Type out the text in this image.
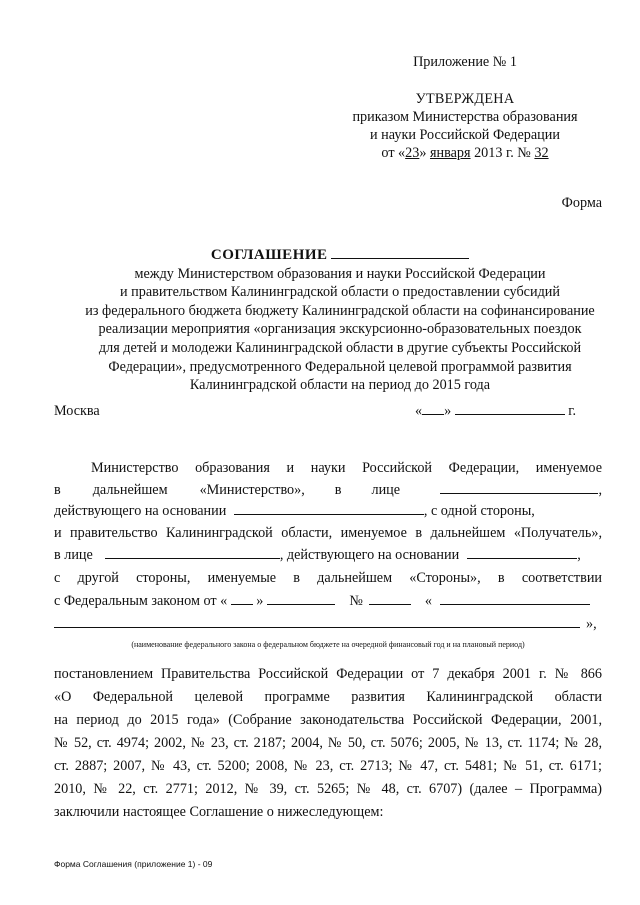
Приложение № 1
УТВЕРЖДЕНА
приказом Министерства образования
и науки Российской Федерации
от «23» января 2013 г. № 32
Форма
СОГЛАШЕНИЕ
между Министерством образования и науки Российской Федерации
и правительством Калининградской области о предоставлении субсидий
из федерального бюджета бюджету Калининградской области на софинансирование
реализации мероприятия «организация экскурсионно-образовательных поездок
для детей и молодежи Калининградской области в другие субъекты Российской
Федерации», предусмотренного Федеральной целевой программой развития
Калининградской области на период до 2015 года
Москва	« »	г.
Министерство образования и науки Российской Федерации, именуемое
в дальнейшем «Министерство», в лице	,
действующего на основании	, с одной стороны,
и правительство Калининградской области, именуемое в дальнейшем «Получатель»,
в лице	, действующего на основании	,
с другой стороны, именуемые в дальнейшем «Стороны», в соответствии
с Федеральным законом от « »	№	«
»,
(наименование федерального закона о федеральном бюджете на очередной финансовый год и на плановый период)
постановлением Правительства Российской Федерации от 7 декабря 2001 г. № 866
«О Федеральной целевой программе развития Калининградской области
на период до 2015 года» (Собрание законодательства Российской Федерации, 2001,
№ 52, ст. 4974; 2002, № 23, ст. 2187; 2004, № 50, ст. 5076; 2005, № 13, ст. 1174; № 28,
ст. 2887; 2007, № 43, ст. 5200; 2008, № 23, ст. 2713; № 47, ст. 5481; № 51, ст. 6171;
2010, № 22, ст. 2771; 2012, № 39, ст. 5265; № 48, ст. 6707) (далее – Программа)
заключили настоящее Соглашение о нижеследующем:
Форма Соглашения (приложение 1) - 09
